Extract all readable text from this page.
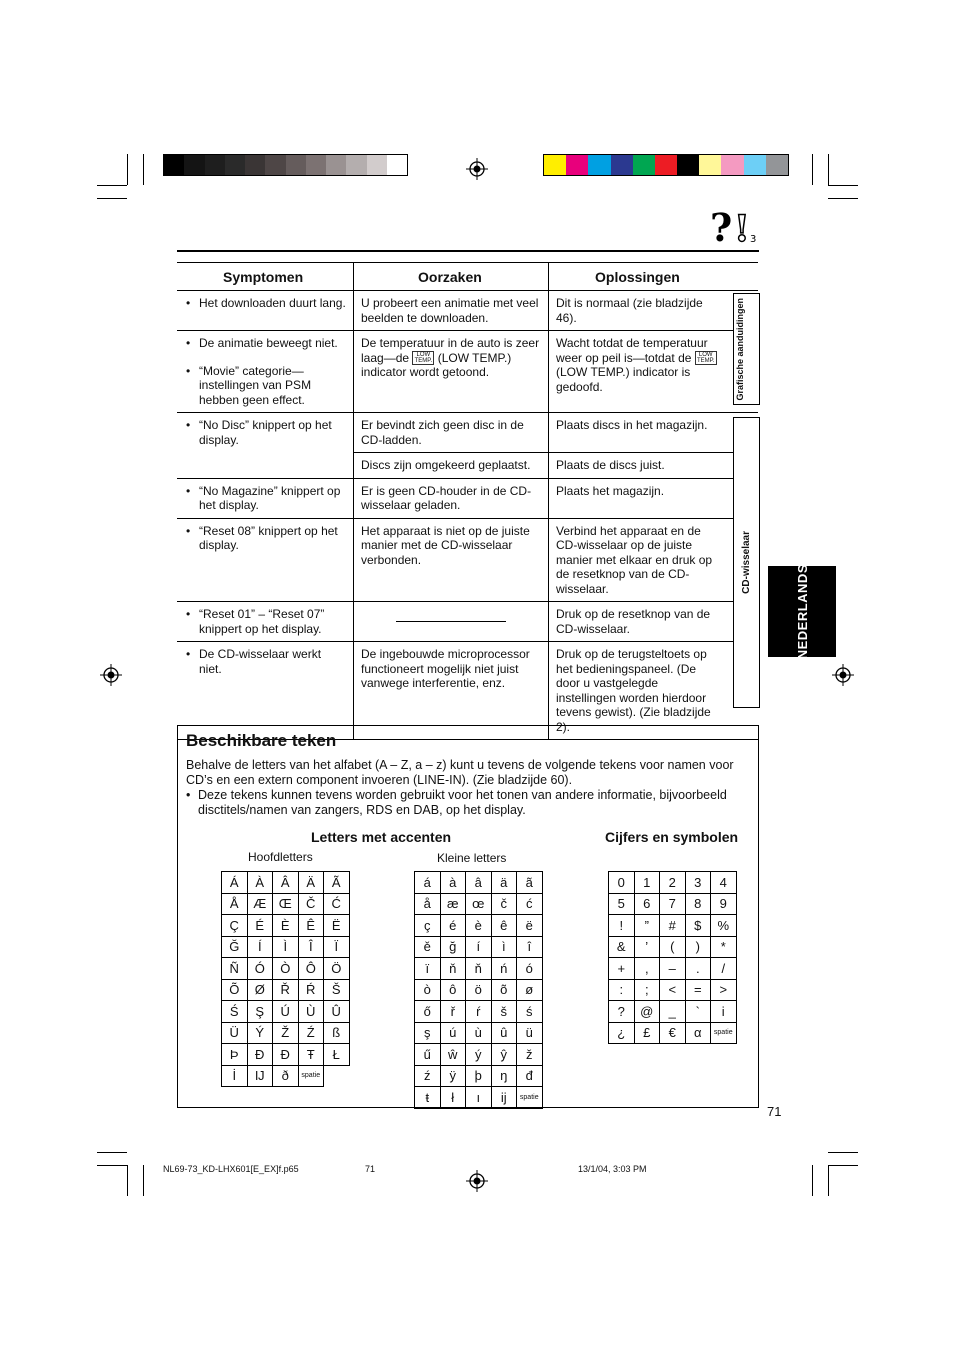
? ! 3
Symptomen	Oorzaken	Oplossingen

• Het downloaden duurt lang.	U probeert een animatie met veel beelden te downloaden.	Dit is normaal (zie bladzijde 46).

• De animatie beweegt niet.	De temperatuur in de auto is zeer laag—de LOW TEMP. (LOW TEMP.) indicator wordt getoond.	Wacht totdat de temperatuur weer op peil is—totdat de LOW TEMP. (LOW TEMP.) indicator is gedoofd.

• “Movie” categorie—instellingen van PSM hebben geen effect.		

• “No Disc” knippert op het display.	Er bevindt zich geen disc in de CD-ladden.	Plaats discs in het magazijn.
	Discs zijn omgekeerd geplaatst.	Plaats de discs juist.

• “No Magazine” knippert op het display.	Er is geen CD-houder in de CD-wisselaar geladen.	Plaats het magazijn.

• “Reset 08” knippert op het display.	Het apparaat is niet op de juiste manier met de CD-wisselaar verbonden.	Verbind het apparaat en de CD-wisselaar op de juiste manier met elkaar en druk op de resetknop van de CD-wisselaar.

• “Reset 01” – “Reset 07” knippert op het display.		Druk op de resetknop van de CD-wisselaar.

• De CD-wisselaar werkt niet.	De ingebouwde microprocessor functioneert mogelijk niet juist vanwege interferentie, enz.	Druk op de terugsteltoets op het bedieningspaneel. (De door u vastgelegde instellingen worden hierdoor tevens gewist). (Zie bladzijde 2).
Grafische aanduidingen
CD-wisselaar
NEDERLANDS
Beschikbare teken
Behalve de letters van het alfabet (A – Z, a – z) kunt u tevens de volgende tekens voor namen voor CD’s en een extern component invoeren (LINE-IN). (Zie bladzijde 60).
• Deze tekens kunnen tevens worden gebruikt voor het tonen van andere informatie, bijvoorbeeld disctitels/namen van zangers, RDS en DAB, op het display.
Letters met accenten	Cijfers en symbolen
Hoofdletters	Kleine letters
Á	À	Â	Ä	Ã
Å	Æ	Œ	Č	Ć
Ç	É	È	Ê	Ë
Ğ	Í	Ì	Î	Ï
Ñ	Ó	Ò	Ô	Ö
Õ	Ø	Ř	Ŕ	Š
Ś	Ş	Ú	Ù	Û
Ü	Ý	Ž	Ź	ß
Þ	Đ	Ð	Ŧ	Ł
İ	Ĳ	ð	spatie	
á	à	â	ä	ã
å	æ	œ	č	ć
ç	é	è	ê	ë
ě	ğ	í	ì	î
ï	ň	ň	ń	ó
ò	ô	ö	õ	ø
ő	ř	ŕ	š	ś
ş	ú	ù	û	ü
ű	ŵ	ý	ŷ	ž
ź	ÿ	þ	ŋ	đ
ŧ	ł	ı	ĳ	spatie
0	1	2	3	4
5	6	7	8	9
!	”	#	$	%
&	’	(	)	*
+	,	–	.	/
:	;	<	=	>
?	@	_	`	i
¿	£	€	α	spatie
71
NL69-73_KD-LHX601[E_EX]f.p65	71	13/1/04, 3:03 PM
